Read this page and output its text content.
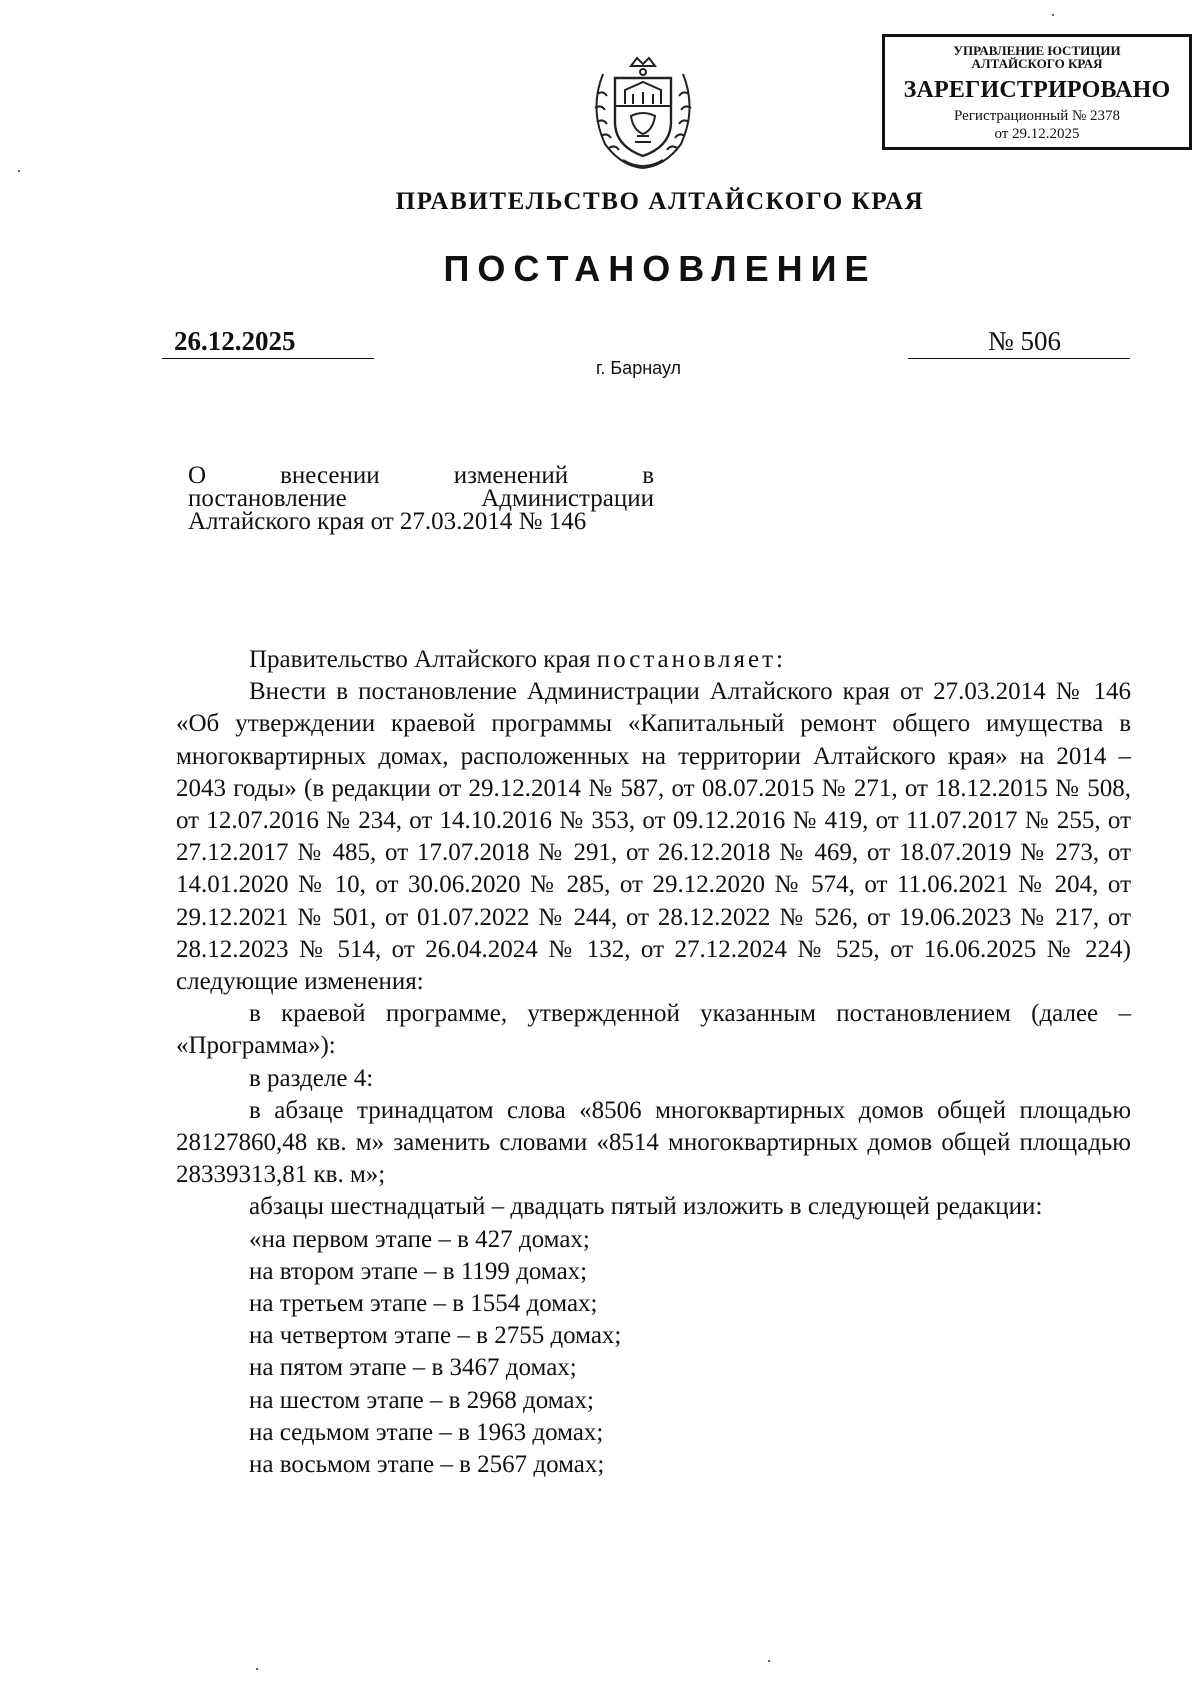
УПРАВЛЕНИЕ ЮСТИЦИИ
АЛТАЙСКОГО КРАЯ
ЗАРЕГИСТРИРОВАНО
Регистрационный № 2378
от 29.12.2025
ПРАВИТЕЛЬСТВО АЛТАЙСКОГО КРАЯ
ПОСТАНОВЛЕНИЕ
26.12.2025	№ 506
г. Барнаул
О внесении изменений в
постановление Администрации
Алтайского края от 27.03.2014 № 146

Правительство Алтайского края постановляет:

Внести в постановление Администрации Алтайского края от 27.03.2014 № 146 «Об утверждении краевой программы «Капитальный ремонт общего имущества в многоквартирных домах, расположенных на территории Алтайского края» на 2014 – 2043 годы» (в редакции от 29.12.2014 № 587, от 08.07.2015 № 271, от 18.12.2015 № 508, от 12.07.2016 № 234, от 14.10.2016 № 353, от 09.12.2016 № 419, от 11.07.2017 № 255, от 27.12.2017 № 485, от 17.07.2018 № 291, от 26.12.2018 № 469, от 18.07.2019 № 273, от 14.01.2020 № 10, от 30.06.2020 № 285, от 29.12.2020 № 574, от 11.06.2021 № 204, от 29.12.2021 № 501, от 01.07.2022 № 244, от 28.12.2022 № 526, от 19.06.2023 № 217, от 28.12.2023 № 514, от 26.04.2024 № 132, от 27.12.2024 № 525, от 16.06.2025 № 224) следующие изменения:

в краевой программе, утвержденной указанным постановлением (далее – «Программа»):

в разделе 4:

в абзаце тринадцатом слова «8506 многоквартирных домов общей площадью 28127860,48 кв. м» заменить словами «8514 многоквартирных домов общей площадью 28339313,81 кв. м»;

абзацы шестнадцатый – двадцать пятый изложить в следующей редакции:

«на первом этапе – в 427 домах;
на втором этапе – в 1199 домах;
на третьем этапе – в 1554 домах;
на четвертом этапе – в 2755 домах;
на пятом этапе – в 3467 домах;
на шестом этапе – в 2968 домах;
на седьмом этапе – в 1963 домах;
на восьмом этапе – в 2567 домах;
